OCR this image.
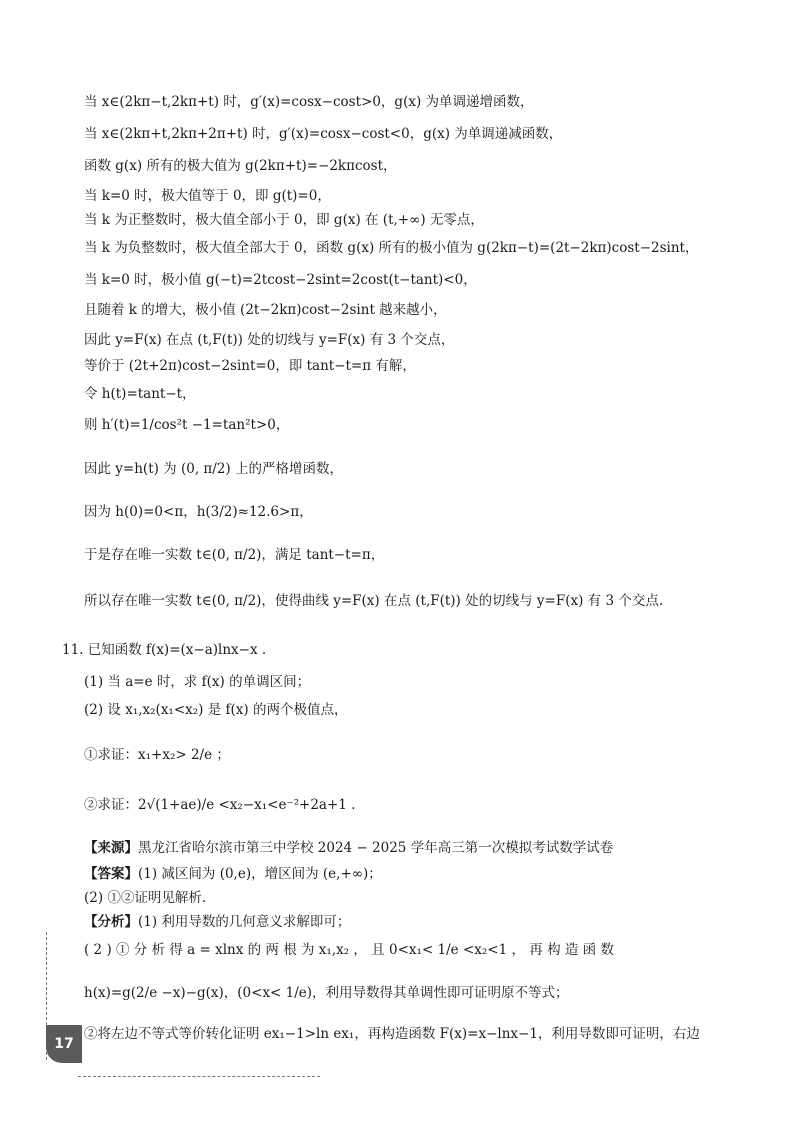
当 x∈(2kπ−t,2kπ+t) 时，g′(x)=cosx−cost>0，g(x) 为单调递增函数，
当 x∈(2kπ+t,2kπ+2π+t) 时，g′(x)=cosx−cost<0，g(x) 为单调递减函数，
函数 g(x) 所有的极大值为 g(2kπ+t)=−2kπcost，
当 k=0 时，极大值等于 0，即 g(t)=0，
当 k 为正整数时，极大值全部小于 0，即 g(x) 在 (t,+∞) 无零点，
当 k 为负整数时，极大值全部大于 0，函数 g(x) 所有的极小值为 g(2kπ−t)=(2t−2kπ)cost−2sint，
当 k=0 时，极小值 g(−t)=2tcost−2sint=2cost(t−tant)<0，
且随着 k 的增大，极小值 (2t−2kπ)cost−2sint 越来越小，
因此 y=F(x) 在点 (t,F(t)) 处的切线与 y=F(x) 有 3 个交点，
等价于 (2t+2π)cost−2sint=0，即 tant−t=π 有解，
令 h(t)=tant−t，
则 h′(t)=1/cos²t −1=tan²t>0，
因此 y=h(t) 为 (0, π/2) 上的严格增函数，
因为 h(0)=0<π，h(3/2)≈12.6>π，
于是存在唯一实数 t∈(0, π/2)，满足 tant−t=π，
所以存在唯一实数 t∈(0, π/2)，使得曲线 y=F(x) 在点 (t,F(t)) 处的切线与 y=F(x) 有 3 个交点.
11. 已知函数 f(x)=(x−a)lnx−x .
(1) 当 a=e 时，求 f(x) 的单调区间；
(2) 设 x₁,x₂(x₁<x₂) 是 f(x) 的两个极值点，
①求证：x₁+x₂> 2/e ；
②求证：2√(1+ae)/e <x₂−x₁<e⁻²+2a+1 .
【来源】黑龙江省哈尔滨市第三中学校 2024 − 2025 学年高三第一次模拟考试数学试卷
【答案】(1) 减区间为 (0,e)，增区间为 (e,+∞)；
(2) ①②证明见解析.
【分析】(1) 利用导数的几何意义求解即可；
( 2 ) ① 分 析 得 a = xlnx 的 两 根 为 x₁,x₂ ， 且 0<x₁< 1/e <x₂<1 ， 再 构 造 函 数
h(x)=g(2/e −x)−g(x)，(0<x< 1/e)，利用导数得其单调性即可证明原不等式；
②将左边不等式等价转化证明 ex₁−1>ln ex₁，再构造函数 F(x)=x−lnx−1，利用导数即可证明，右边
17
